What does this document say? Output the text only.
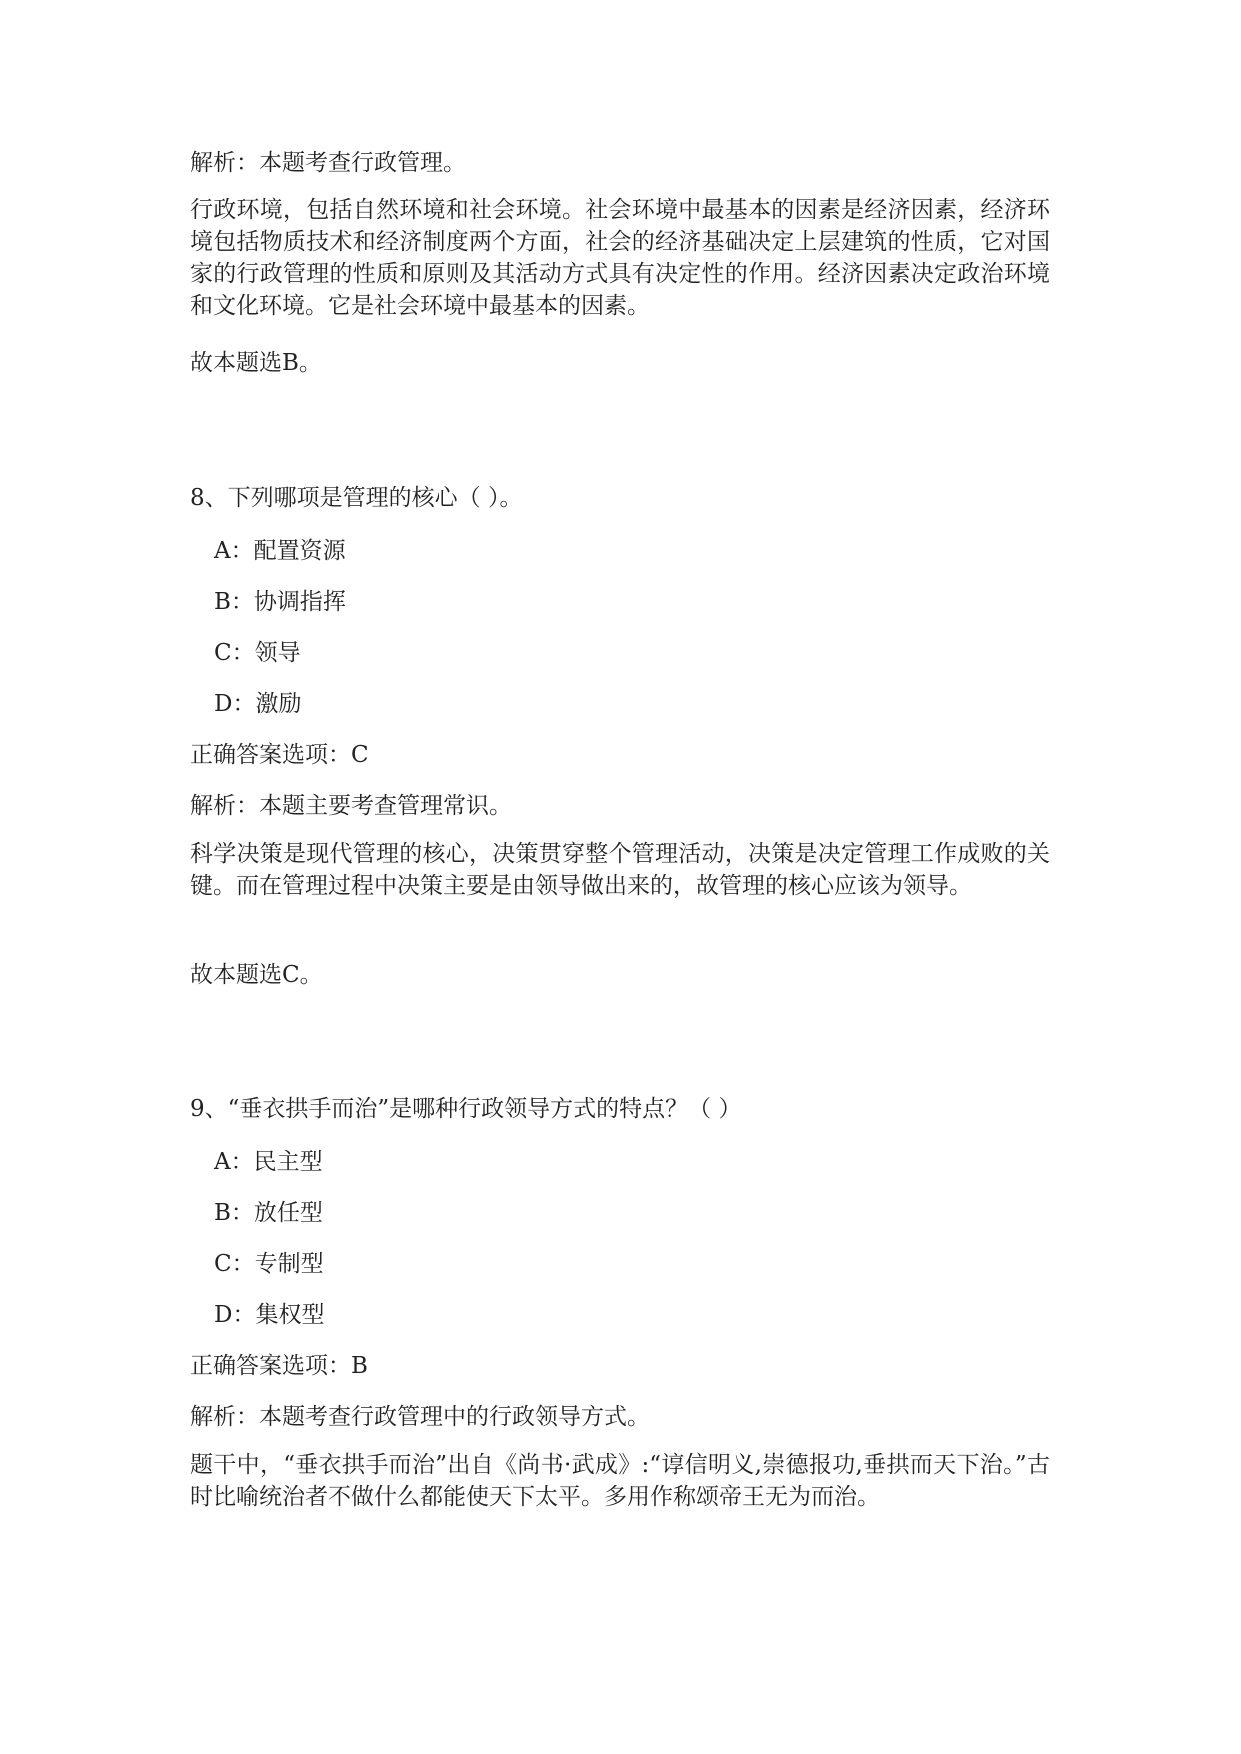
解析：本题考查行政管理。
行政环境，包括自然环境和社会环境。社会环境中最基本的因素是经济因素，经济环境包括物质技术和经济制度两个方面，社会的经济基础决定上层建筑的性质，它对国家的行政管理的性质和原则及其活动方式具有决定性的作用。经济因素决定政治环境和文化环境。它是社会环境中最基本的因素。
故本题选B。
8、下列哪项是管理的核心（ ）。
A：配置资源
B：协调指挥
C：领导
D：激励
正确答案选项：C
解析：本题主要考查管理常识。
科学决策是现代管理的核心，决策贯穿整个管理活动，决策是决定管理工作成败的关键。而在管理过程中决策主要是由领导做出来的，故管理的核心应该为领导。
故本题选C。
9、“垂衣拱手而治”是哪种行政领导方式的特点？（ ）
A：民主型
B：放任型
C：专制型
D：集权型
正确答案选项：B
解析：本题考查行政管理中的行政领导方式。
题干中，“垂衣拱手而治”出自《尚书·武成》:“谆信明义,崇德报功,垂拱而天下治。”古时比喻统治者不做什么都能使天下太平。多用作称颂帝王无为而治。
